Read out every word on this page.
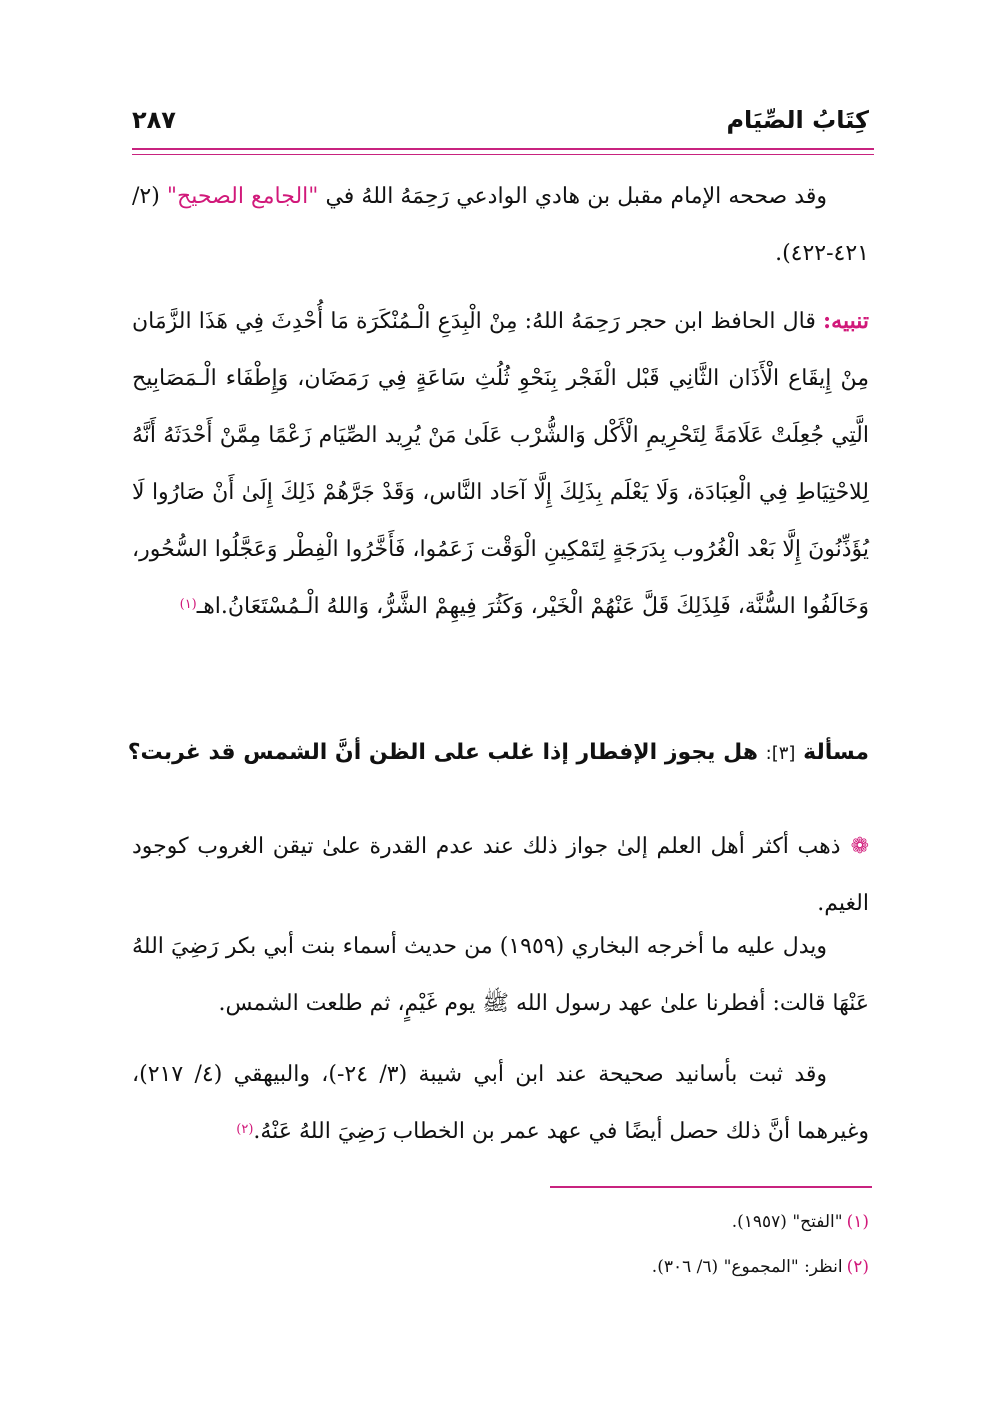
كِتَابُ الصِّيَام
٢٨٧
وقد صححه الإمام مقبل بن هادي الوادعي رَحِمَهُ اللهُ في "الجامع الصحيح" (٢/ ٤٢١-٤٢٢).
تنبيه: قال الحافظ ابن حجر رَحِمَهُ اللهُ: مِنْ الْبِدَعِ الْـمُنْكَرَة مَا أُحْدِثَ فِي هَذَا الزَّمَان مِنْ إِيقَاع الْأَذَان الثَّانِي قَبْل الْفَجْر بِنَحْوِ ثُلُثِ سَاعَةٍ فِي رَمَضَان، وَإِطْفَاء الْـمَصَابِيح الَّتِي جُعِلَتْ عَلَامَةً لِتَحْرِيمِ الْأَكْل وَالشُّرْب عَلَىٰ مَنْ يُرِيد الصِّيَام زَعْمًا مِمَّنْ أَحْدَثَهُ أَنَّهُ لِلاحْتِيَاطِ فِي الْعِبَادَة، وَلَا يَعْلَم بِذَلِكَ إِلَّا آحَاد النَّاس، وَقَدْ جَرَّهُمْ ذَلِكَ إِلَىٰ أَنْ صَارُوا لَا يُؤَذِّنُونَ إِلَّا بَعْد الْغُرُوب بِدَرَجَةٍ لِتَمْكِينِ الْوَقْت زَعَمُوا، فَأَخَّرُوا الْفِطْر وَعَجَّلُوا السُّحُور، وَخَالَفُوا السُّنَّة، فَلِذَلِكَ قَلَّ عَنْهُمْ الْخَيْر، وَكَثُرَ فِيهِمْ الشَّرُّ، وَاللهُ الْـمُسْتَعَانُ.اهـ$^{(١)}$
مسألة [٣]: هل يجوز الإفطار إذا غلب على الظن أنَّ الشمس قد غربت؟
❁ذهب أكثر أهل العلم إلىٰ جواز ذلك عند عدم القدرة علىٰ تيقن الغروب كوجود الغيم.
ويدل عليه ما أخرجه البخاري (١٩٥٩) من حديث أسماء بنت أبي بكر رَضِيَ اللهُ عَنْهَا قالت: أفطرنا علىٰ عهد رسول الله ﷺ يوم غَيْمٍ، ثم طلعت الشمس.
وقد ثبت بأسانيد صحيحة عند ابن أبي شيبة (٣/ ٢٤-)، والبيهقي (٤/ ٢١٧)، وغيرهما أنَّ ذلك حصل أيضًا في عهد عمر بن الخطاب رَضِيَ اللهُ عَنْهُ.$^{(٢)}$
(١)"الفتح" (١٩٥٧).
(٢)انظر: "المجموع" (٦/ ٣٠٦).
